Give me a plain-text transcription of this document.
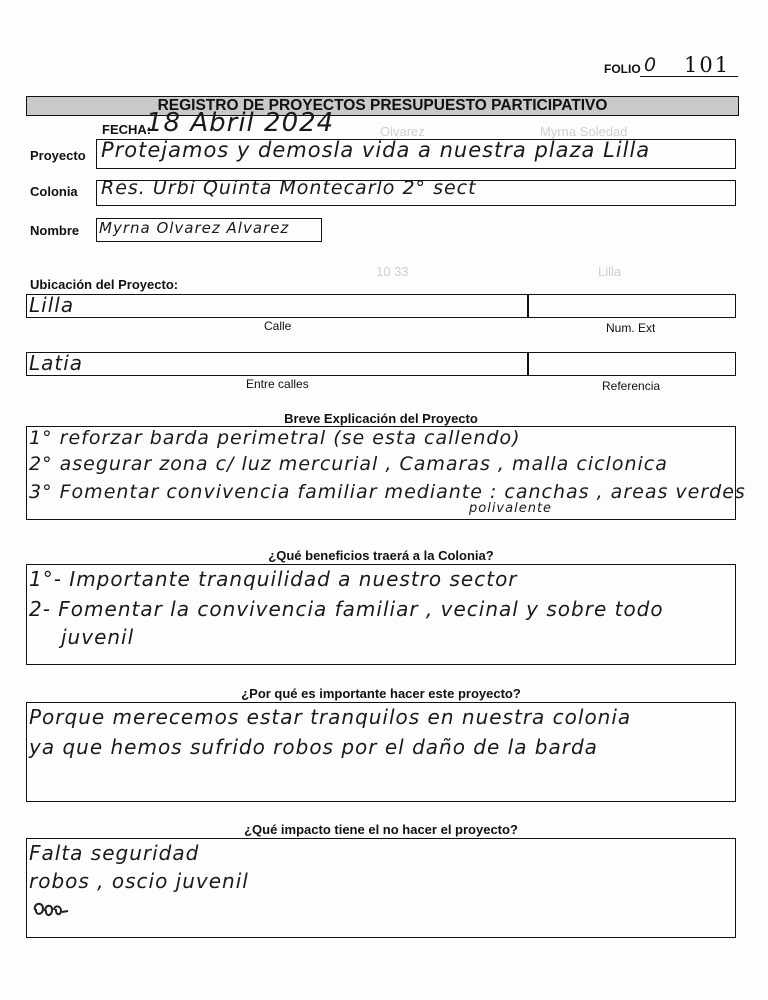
Myrna Soledad
Olvarez
Lilla
10 33
FOLIO 0 101
REGISTRO DE PROYECTOS PRESUPUESTO PARTICIPATIVO
FECHA:
18 Abril 2024
Proyecto Protejamos y demosla vida a nuestra plaza Lilla
Colonia Res. Urbi Quinta Montecarlo 2° sect
Nombre Myrna Olvarez Alvarez
Ubicación del Proyecto:
Lilla
Calle	Num. Ext
Latia
Entre calles	Referencia
Breve Explicación del Proyecto
1° reforzar barda perimetral (se esta callendo)
2° asegurar zona c/ luz mercurial , Camaras , malla ciclonica
3° Fomentar convivencia familiar mediante : canchas , areas verdes
polivalente
¿Qué beneficios traerá a la Colonia?
1°- Importante tranquilidad a nuestro sector
2- Fomentar la convivencia familiar , vecinal y sobre todo
juvenil
¿Por qué es importante hacer este proyecto?
Porque merecemos estar tranquilos en nuestra colonia
ya que hemos sufrido robos por el daño de la barda
¿Qué impacto tiene el no hacer el proyecto?
Falta seguridad
robos , oscio juvenil
